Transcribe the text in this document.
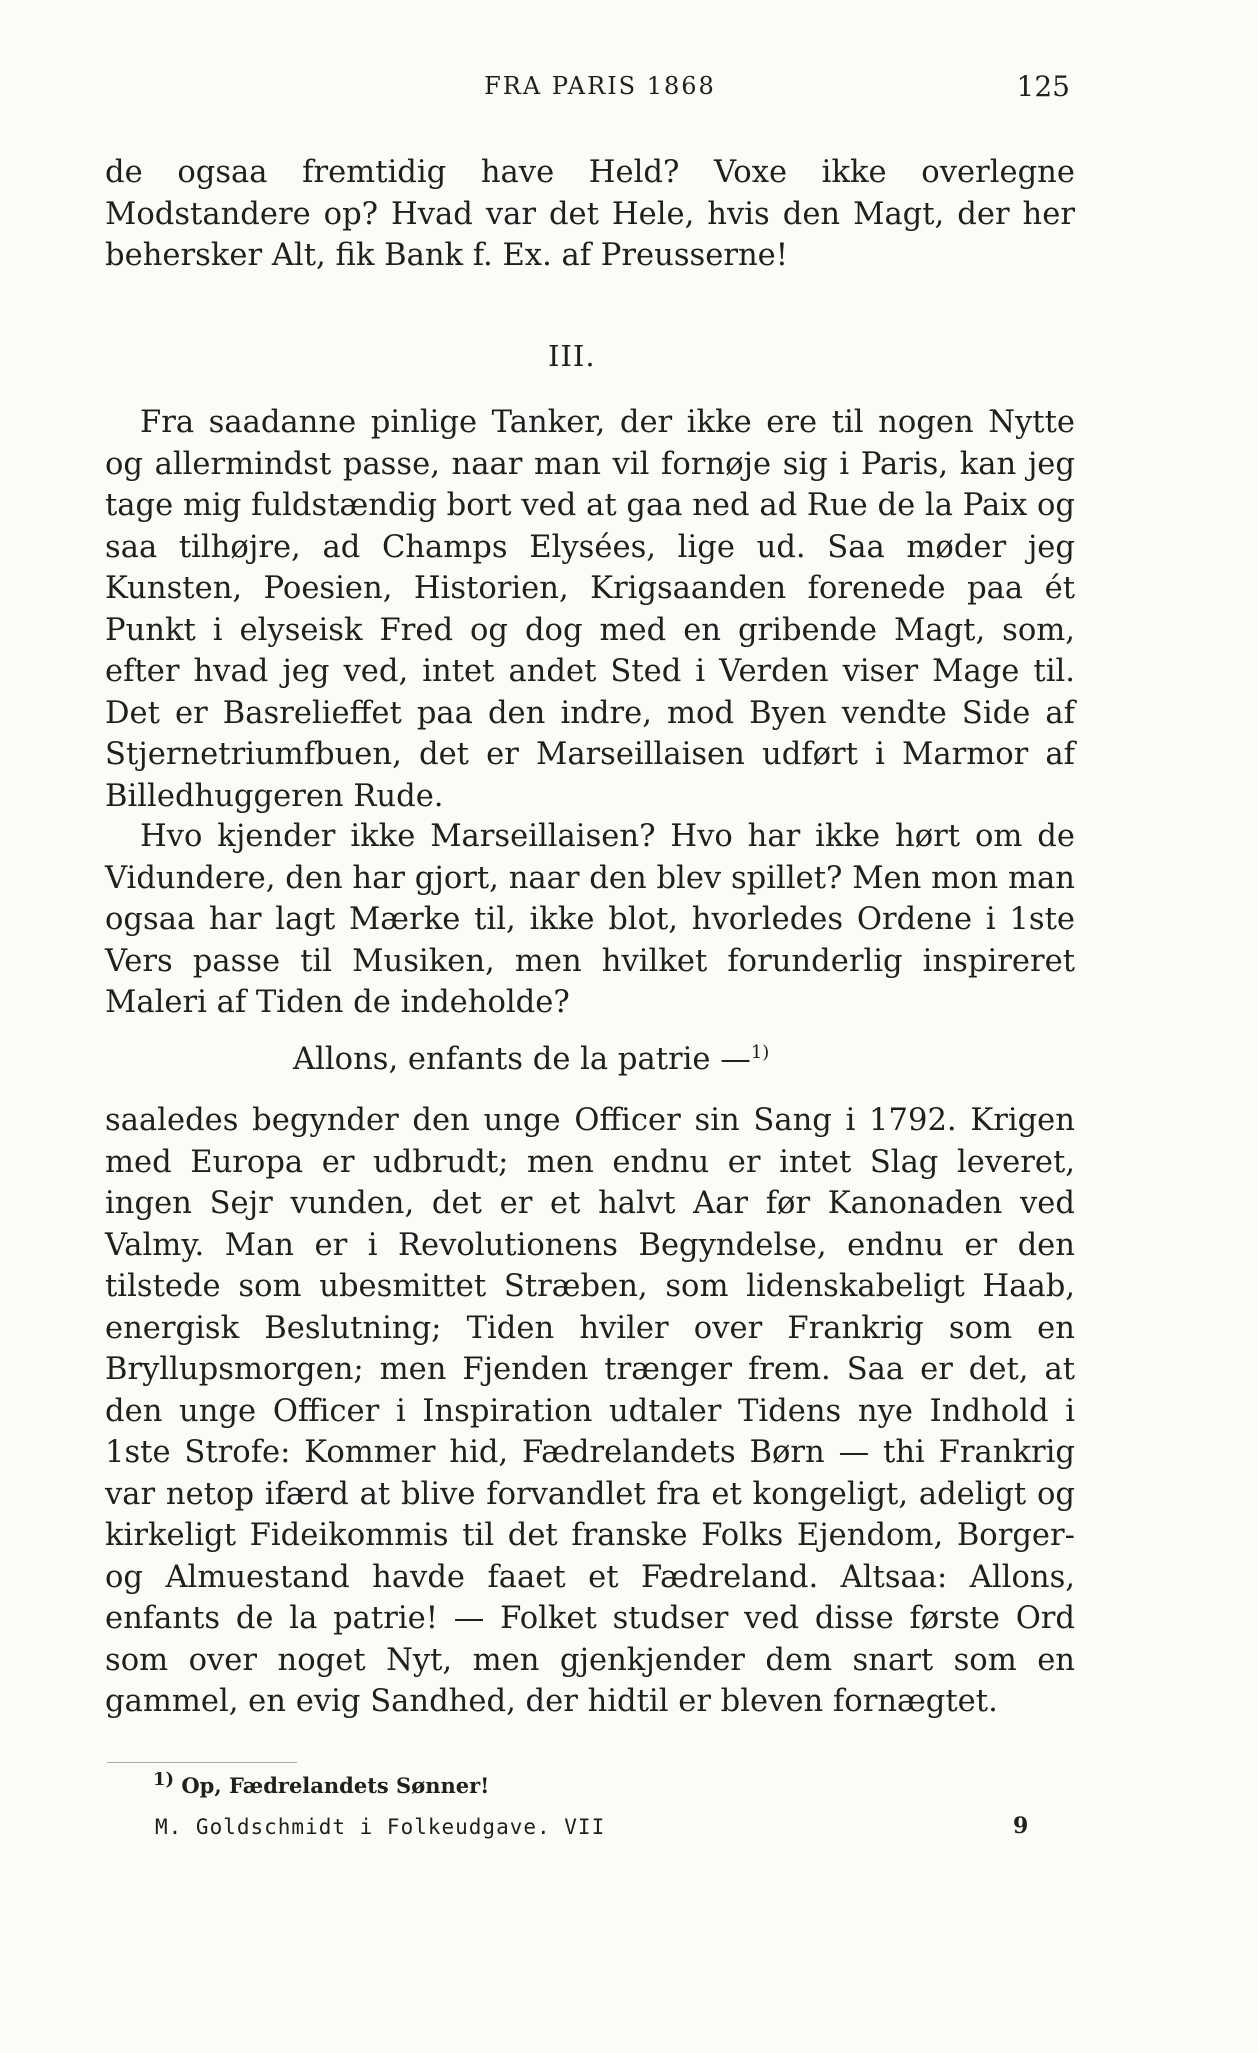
FRA PARIS 1868	125
de ogsaa fremtidig have Held? Voxe ikke overlegne Modstandere op? Hvad var det Hele, hvis den Magt, der her behersker Alt, fik Bank f. Ex. af Preusserne!
III.
Fra saadanne pinlige Tanker, der ikke ere til nogen Nytte og allermindst passe, naar man vil fornøje sig i Paris, kan jeg tage mig fuldstændig bort ved at gaa ned ad Rue de la Paix og saa tilhøjre, ad Champs Elysées, lige ud. Saa møder jeg Kunsten, Poesien, Historien, Krigsaanden forenede paa ét Punkt i elyseisk Fred og dog med en gribende Magt, som, efter hvad jeg ved, intet andet Sted i Verden viser Mage til. Det er Basrelieffet paa den indre, mod Byen vendte Side af Stjernetriumfbuen, det er Marseillaisen udført i Marmor af Billedhuggeren Rude.
Hvo kjender ikke Marseillaisen? Hvo har ikke hørt om de Vidundere, den har gjort, naar den blev spillet? Men mon man ogsaa har lagt Mærke til, ikke blot, hvorledes Ordene i 1ste Vers passe til Musiken, men hvilket forunderlig inspireret Maleri af Tiden de indeholde?
Allons, enfants de la patrie —$^{1)}$
saaledes begynder den unge Officer sin Sang i 1792. Krigen med Europa er udbrudt; men endnu er intet Slag leveret, ingen Sejr vunden, det er et halvt Aar før Kanonaden ved Valmy. Man er i Revolutionens Begyndelse, endnu er den tilstede som ubesmittet Stræben, som lidenskabeligt Haab, energisk Beslutning; Tiden hviler over Frankrig som en Bryllupsmorgen; men Fjenden trænger frem. Saa er det, at den unge Officer i Inspiration udtaler Tidens nye Indhold i 1ste Strofe: Kommer hid, Fædrelandets Børn — thi Frankrig var netop ifærd at blive forvandlet fra et kongeligt, adeligt og kirkeligt Fideikommis til det franske Folks Ejendom, Borger- og Almuestand havde faaet et Fædreland. Altsaa: Allons, enfants de la patrie! — Folket studser ved disse første Ord som over noget Nyt, men gjenkjender dem snart som en gammel, en evig Sandhed, der hidtil er bleven fornægtet.
$^{1)}$ Op, Fædrelandets Sønner!
M. Goldschmidt i Folkeudgave. VII	9
